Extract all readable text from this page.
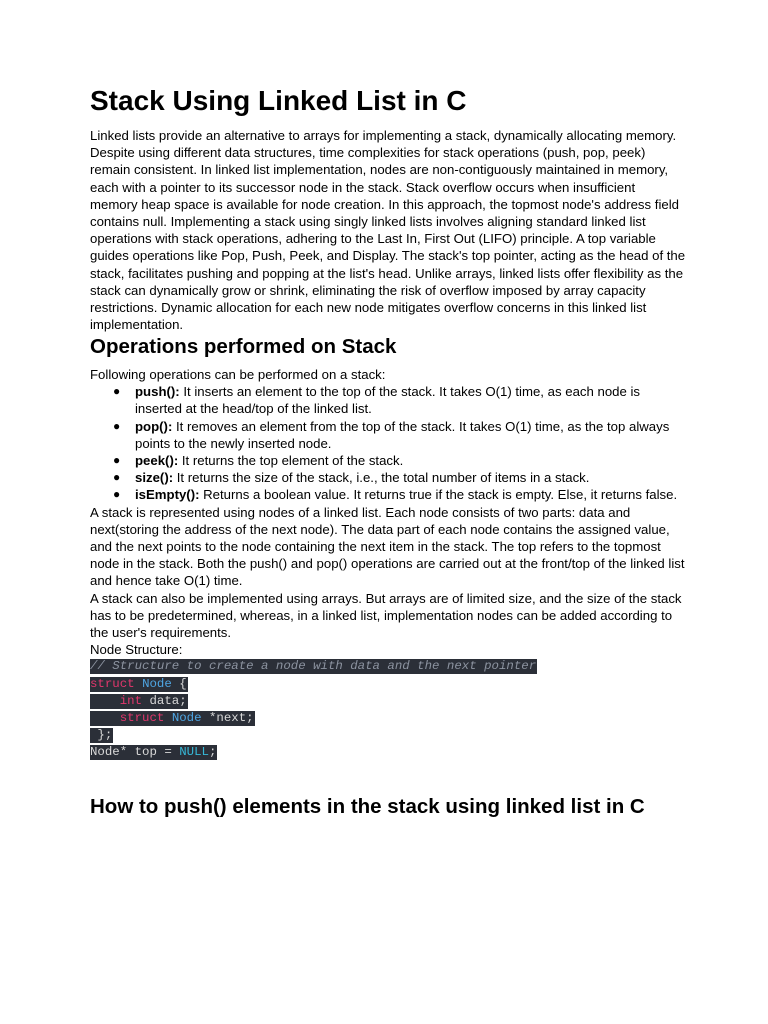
Stack Using Linked List in C

Linked lists provide an alternative to arrays for implementing a stack, dynamically allocating memory. Despite using different data structures, time complexities for stack operations (push, pop, peek) remain consistent. In linked list implementation, nodes are non-contiguously maintained in memory, each with a pointer to its successor node in the stack. Stack overflow occurs when insufficient memory heap space is available for node creation. In this approach, the topmost node's address field contains null. Implementing a stack using singly linked lists involves aligning standard linked list operations with stack operations, adhering to the Last In, First Out (LIFO) principle. A top variable guides operations like Pop, Push, Peek, and Display. The stack's top pointer, acting as the head of the stack, facilitates pushing and popping at the list's head. Unlike arrays, linked lists offer flexibility as the stack can dynamically grow or shrink, eliminating the risk of overflow imposed by array capacity restrictions. Dynamic allocation for each new node mitigates overflow concerns in this linked list implementation.

Operations performed on Stack

Following operations can be performed on a stack:

● push(): It inserts an element to the top of the stack. It takes O(1) time, as each node is inserted at the head/top of the linked list.
● pop(): It removes an element from the top of the stack. It takes O(1) time, as the top always points to the newly inserted node.
● peek(): It returns the top element of the stack.
● size(): It returns the size of the stack, i.e., the total number of items in a stack.
● isEmpty(): Returns a boolean value. It returns true if the stack is empty. Else, it returns false.

A stack is represented using nodes of a linked list. Each node consists of two parts: data and next(storing the address of the next node). The data part of each node contains the assigned value, and the next points to the node containing the next item in the stack. The top refers to the topmost node in the stack. Both the push() and pop() operations are carried out at the front/top of the linked list and hence take O(1) time.

A stack can also be implemented using arrays. But arrays are of limited size, and the size of the stack has to be predetermined, whereas, in a linked list, implementation nodes can be added according to the user's requirements.

Node Structure:

// Structure to create a node with data and the next pointer
struct Node {
int data;
struct Node *next;
};
Node* top = NULL;
How to push() elements in the stack using linked list in C
